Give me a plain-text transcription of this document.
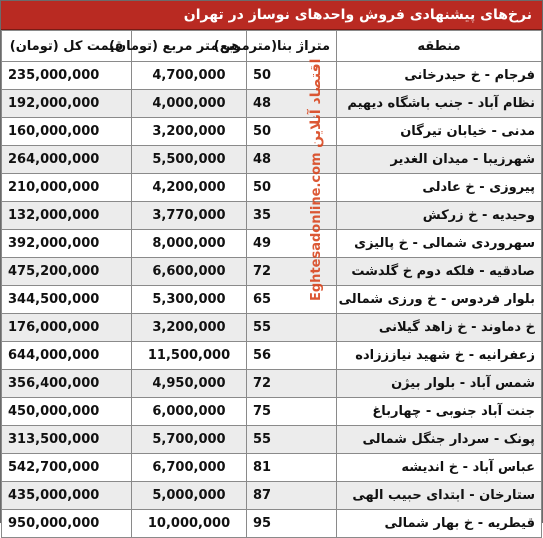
نرخ‌های پیشنهادی فروش واحدهای نوساز در تهران
قیمت کل (تومان)	هر متر مربع (تومان)	متراژ بنا(مترمربع)	منطقه
235,000,000	4,700,000	50	فرجام - خ حیدرخانی
192,000,000	4,000,000	48	نظام آباد - جنب باشگاه دیهیم
160,000,000	3,200,000	50	مدنی - خیابان تیرگان
264,000,000	5,500,000	48	شهرزیبا - میدان الغدیر
210,000,000	4,200,000	50	پیروزی - خ عادلی
132,000,000	3,770,000	35	وحیدیه - خ زرکش
392,000,000	8,000,000	49	سهروردی شمالی - خ پالیزی
475,200,000	6,600,000	72	صادقیه - فلکه دوم خ گلدشت
344,500,000	5,300,000	65	بلوار فردوس - خ ورزی شمالی
176,000,000	3,200,000	55	خ دماوند - خ زاهد گیلانی
644,000,000	11,500,000	56	زعفرانیه - خ شهید نیازززاده
356,400,000	4,950,000	72	شمس آباد - بلوار بیژن
450,000,000	6,000,000	75	جنت آباد جنوبی - چهارباغ
313,500,000	5,700,000	55	پونک - سردار جنگل شمالی
542,700,000	6,700,000	81	عباس آباد - خ اندیشه
435,000,000	5,000,000	87	ستارخان - ابتدای حبیب الهی
950,000,000	10,000,000	95	قیطریه - خ بهار شمالی
Eghtesadonline.com اقتصاد آنلاین
